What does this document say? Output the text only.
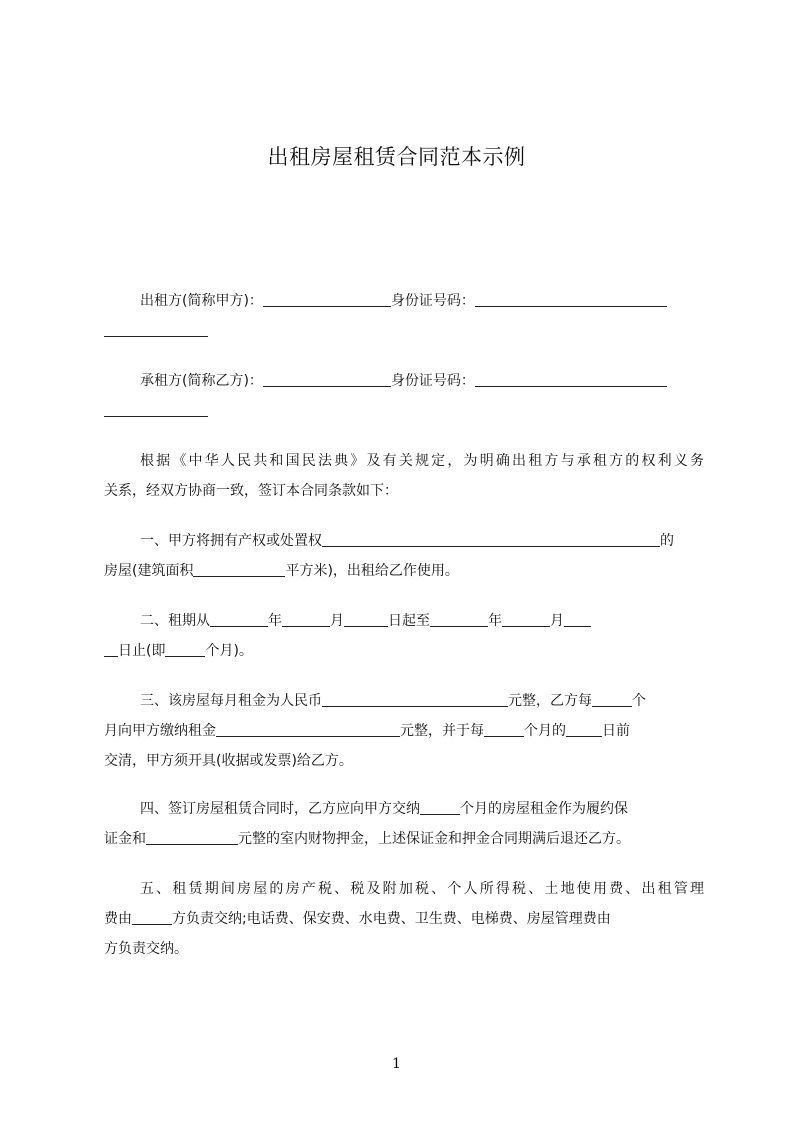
出租房屋租赁合同范本示例
出租方(简称甲方)：	身份证号码：
承租方(简称乙方)：	身份证号码：
根据《中华人民共和国民法典》及有关规定，为明确出租方与承租方的权利义务
关系，经双方协商一致，签订本合同条款如下：
一、甲方将拥有产权或处置权	的
房屋(建筑面积	平方米)，出租给乙作使用。
二、租期从	年	月	日起至	年	月
日止(即	个月)。
三、该房屋每月租金为人民币	元整，乙方每	个
月向甲方缴纳租金	元整，并于每	个月的	日前
交清，甲方须开具(收据或发票)给乙方。
四、签订房屋租赁合同时，乙方应向甲方交纳	个月的房屋租金作为履约保
证金和	元整的室内财物押金，上述保证金和押金合同期满后退还乙方。
五、租赁期间房屋的房产税、税及附加税、个人所得税、土地使用费、出租管理
费由	方负责交纳;电话费、保安费、水电费、卫生费、电梯费、房屋管理费由
方负责交纳。
1
